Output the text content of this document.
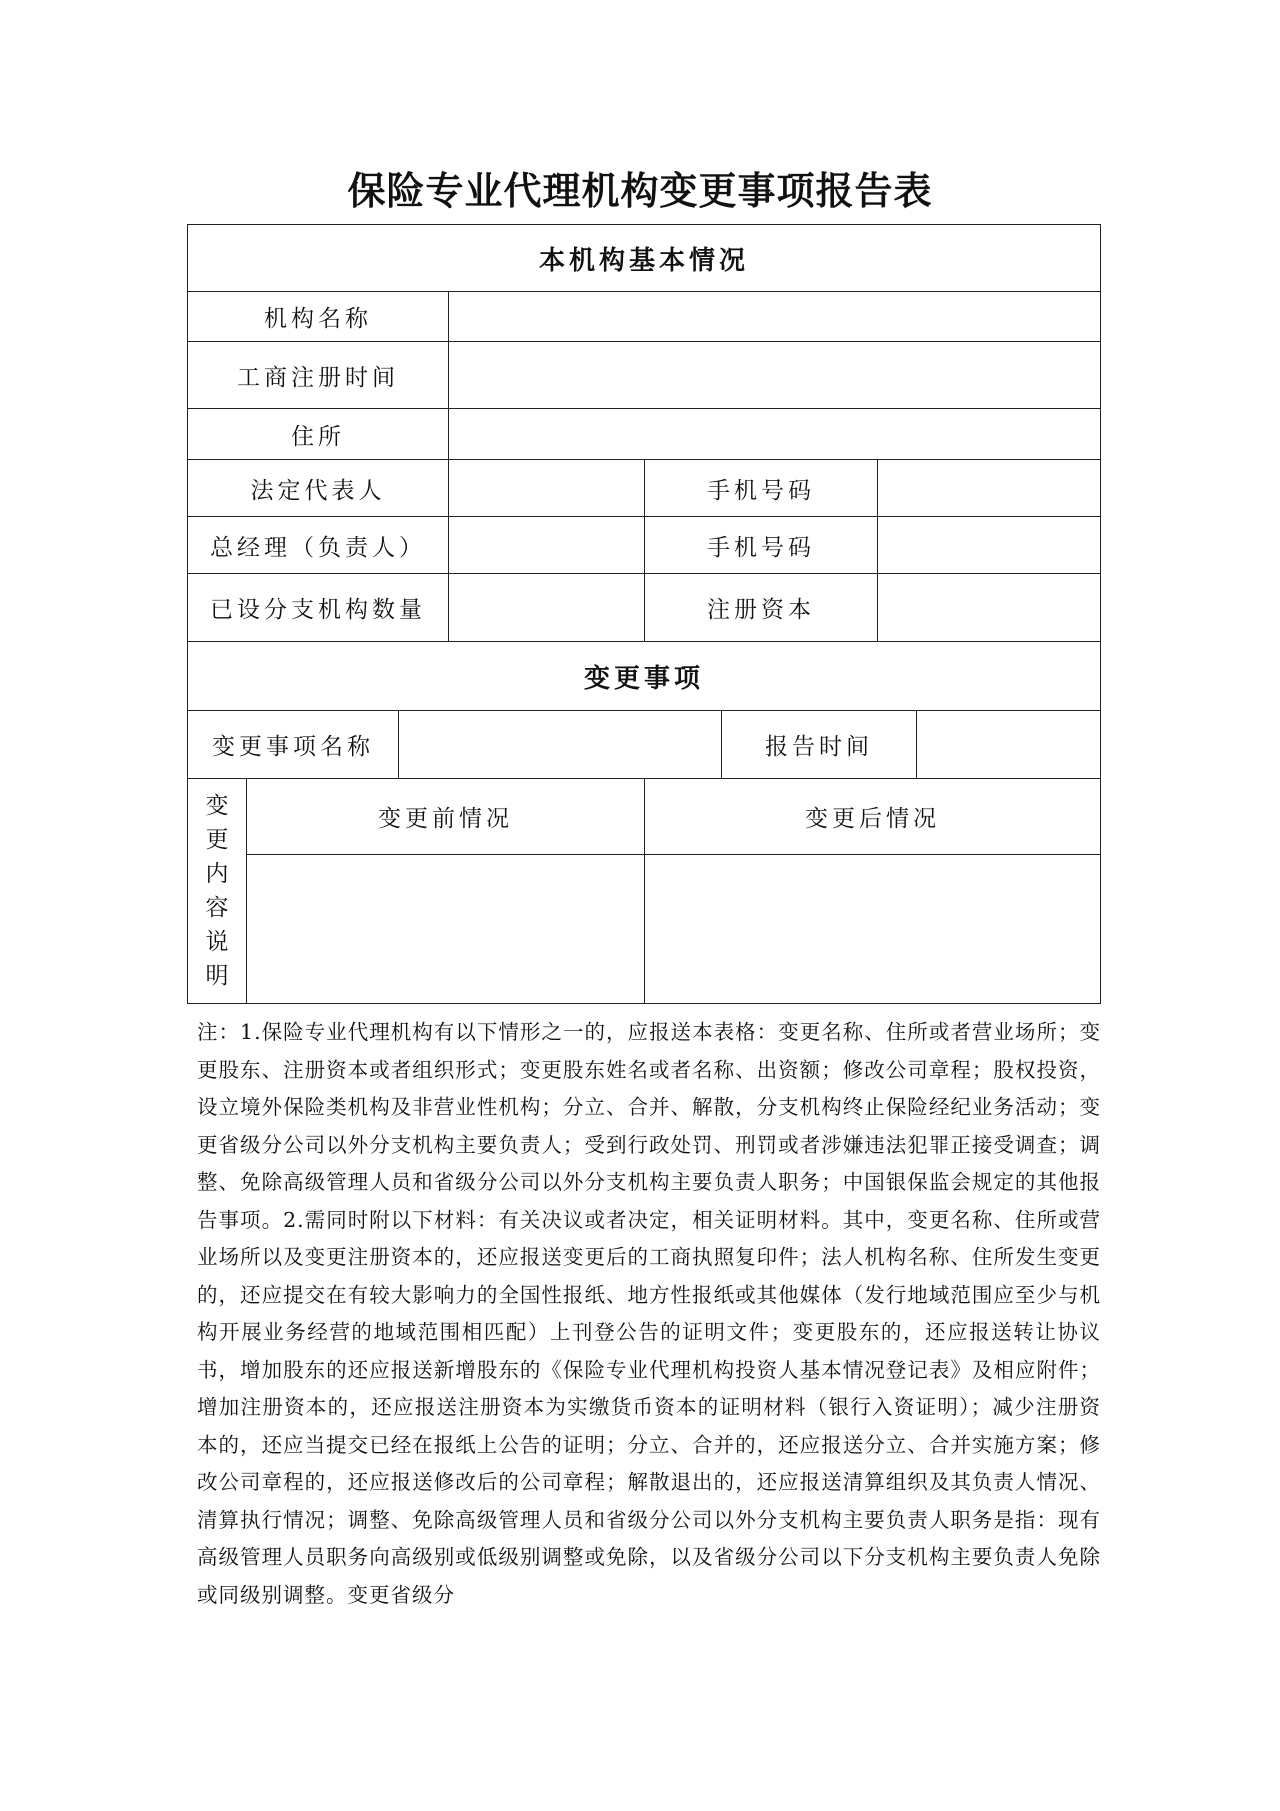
保险专业代理机构变更事项报告表
本机构基本情况
机构名称
工商注册时间
住所
法定代表人	手机号码
总经理（负责人）	手机号码
已设分支机构数量	注册资本
变更事项
变更事项名称	报告时间
变
更
内
容
说
明
变更前情况	变更后情况
注：1.保险专业代理机构有以下情形之一的，应报送本表格：变更名称、住所或者营业场所；变更股东、注册资本或者组织形式；变更股东姓名或者名称、出资额；修改公司章程；股权投资，设立境外保险类机构及非营业性机构；分立、合并、解散，分支机构终止保险经纪业务活动；变更省级分公司以外分支机构主要负责人；受到行政处罚、刑罚或者涉嫌违法犯罪正接受调查；调整、免除高级管理人员和省级分公司以外分支机构主要负责人职务；中国银保监会规定的其他报告事项。2.需同时附以下材料：有关决议或者决定，相关证明材料。其中，变更名称、住所或营业场所以及变更注册资本的，还应报送变更后的工商执照复印件；法人机构名称、住所发生变更的，还应提交在有较大影响力的全国性报纸、地方性报纸或其他媒体（发行地域范围应至少与机构开展业务经营的地域范围相匹配）上刊登公告的证明文件；变更股东的，还应报送转让协议书，增加股东的还应报送新增股东的《保险专业代理机构投资人基本情况登记表》及相应附件；增加注册资本的，还应报送注册资本为实缴货币资本的证明材料（银行入资证明）；减少注册资本的，还应当提交已经在报纸上公告的证明；分立、合并的，还应报送分立、合并实施方案；修改公司章程的，还应报送修改后的公司章程；解散退出的，还应报送清算组织及其负责人情况、清算执行情况；调整、免除高级管理人员和省级分公司以外分支机构主要负责人职务是指：现有高级管理人员职务向高级别或低级别调整或免除，以及省级分公司以下分支机构主要负责人免除或同级别调整。变更省级分
